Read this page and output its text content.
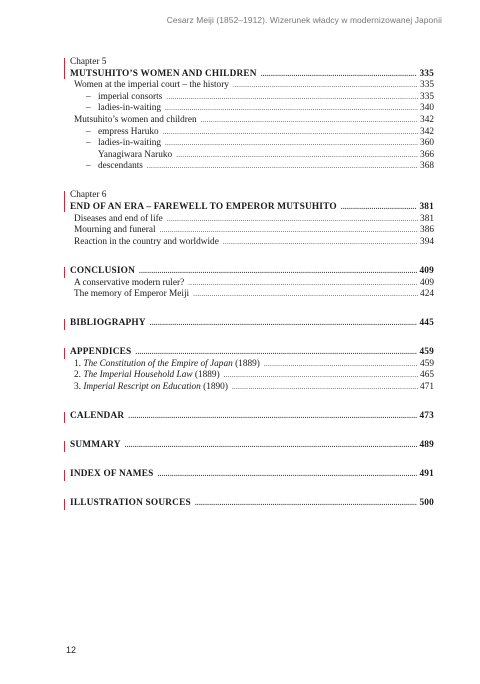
Cesarz Meiji (1852–1912). Wizerunek władcy w modernizowanej Japonii
Chapter 5
MUTSUHITO’S WOMEN AND CHILDREN .....	335
Women at the imperial court – the history .....	335
– imperial consorts .....	335
– ladies-in-waiting .....	340
Mutsuhito’s women and children .....	342
– empress Haruko .....	342
– ladies-in-waiting .....	360
Yanagiwara Naruko .....	366
– descendants .....	368
Chapter 6
END OF AN ERA – FAREWELL TO EMPEROR MUTSUHITO .....	381
Diseases and end of life .....	381
Mourning and funeral .....	386
Reaction in the country and worldwide .....	394
CONCLUSION .....	409
A conservative modern ruler? .....	409
The memory of Emperor Meiji .....	424
BIBLIOGRAPHY .....	445
APPENDICES .....	459
1. The Constitution of the Empire of Japan (1889) .....	459
2. The Imperial Household Law (1889) .....	465
3. Imperial Rescript on Education (1890) .....	471
CALENDAR .....	473
SUMMARY .....	489
INDEX OF NAMES .....	491
ILLUSTRATION SOURCES .....	500
12
